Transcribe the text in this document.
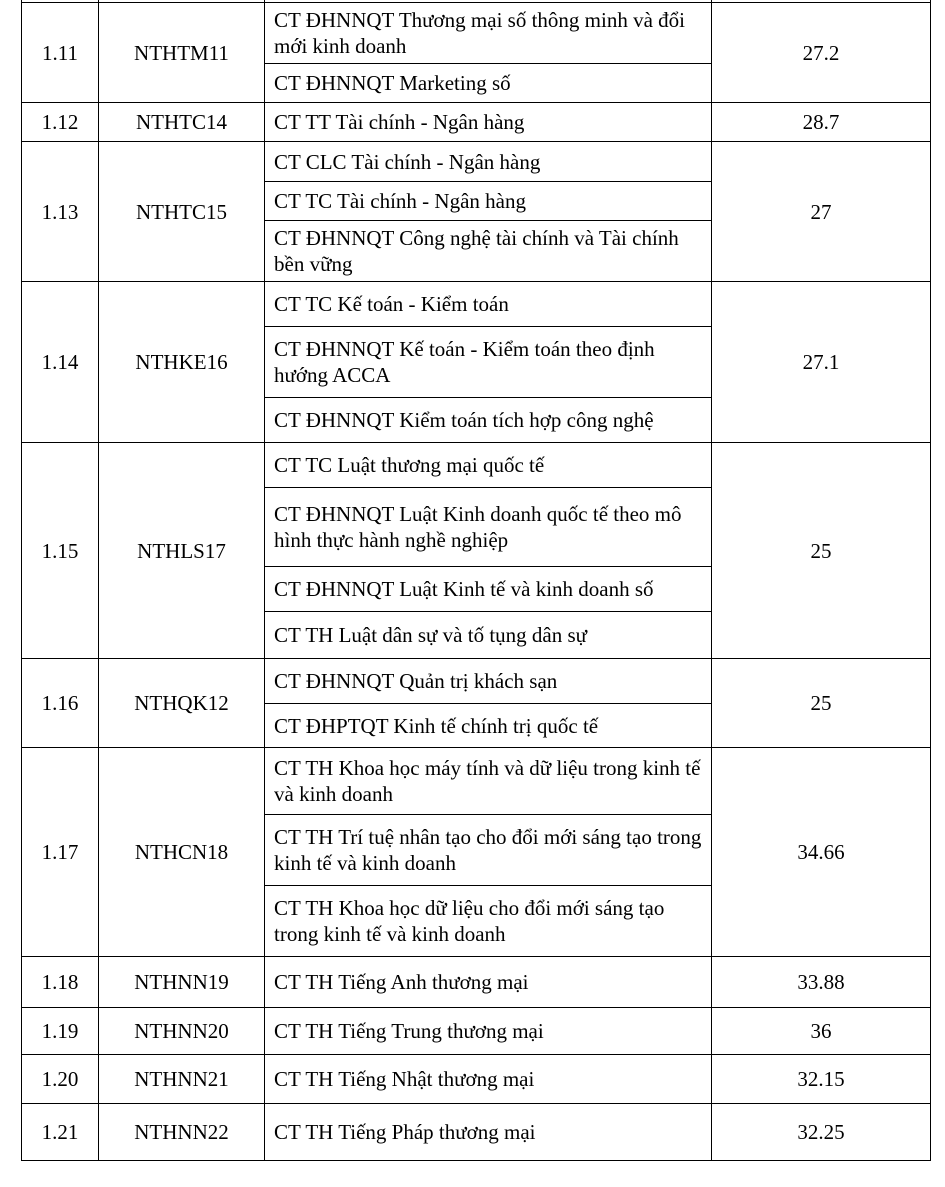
1.11	NTHTM11	CT ĐHNNQT Thương mại số thông minh và đổi mới kinh doanh	27.2
		CT ĐHNNQT Marketing số	
1.12	NTHTC14	CT TT Tài chính - Ngân hàng	28.7
1.13	NTHTC15	CT CLC Tài chính - Ngân hàng	27
		CT TC Tài chính - Ngân hàng	
		CT ĐHNNQT Công nghệ tài chính và Tài chính bền vững	
1.14	NTHKE16	CT TC Kế toán - Kiểm toán	27.1
		CT ĐHNNQT Kế toán - Kiểm toán theo định hướng ACCA	
		CT ĐHNNQT Kiểm toán tích hợp công nghệ	
1.15	NTHLS17	CT TC Luật thương mại quốc tế	25
		CT ĐHNNQT Luật Kinh doanh quốc tế theo mô hình thực hành nghề nghiệp	
		CT ĐHNNQT Luật Kinh tế và kinh doanh số	
		CT TH Luật dân sự và tố tụng dân sự	
1.16	NTHQK12	CT ĐHNNQT Quản trị khách sạn	25
		CT ĐHPTQT Kinh tế chính trị quốc tế	
1.17	NTHCN18	CT TH Khoa học máy tính và dữ liệu trong kinh tế và kinh doanh	34.66
		CT TH Trí tuệ nhân tạo cho đổi mới sáng tạo trong kinh tế và kinh doanh	
		CT TH Khoa học dữ liệu cho đổi mới sáng tạo trong kinh tế và kinh doanh	
1.18	NTHNN19	CT TH Tiếng Anh thương mại	33.88
1.19	NTHNN20	CT TH Tiếng Trung thương mại	36
1.20	NTHNN21	CT TH Tiếng Nhật thương mại	32.15
1.21	NTHNN22	CT TH Tiếng Pháp thương mại	32.25
